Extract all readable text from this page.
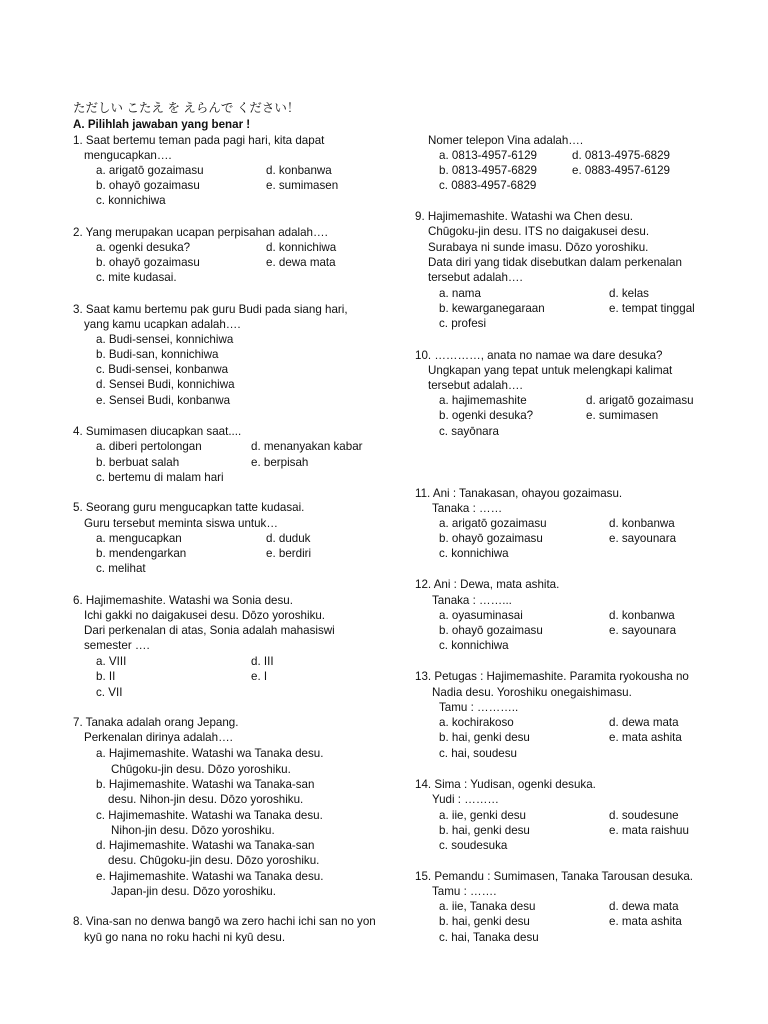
ただしい こたえ を えらんで ください！
A. Pilihlah jawaban yang benar !
1. Saat bertemu teman pada pagi hari, kita dapat
mengucapkan….
a. arigatō gozaimasu
b. ohayō gozaimasu
c. konnichiwa
d. konbanwa
e. sumimasen
2. Yang merupakan ucapan perpisahan adalah….
a. ogenki desuka?
b. ohayō gozaimasu
c. mite kudasai.
d. konnichiwa
e. dewa mata
3. Saat kamu bertemu pak guru Budi pada siang hari,
yang kamu ucapkan adalah….
a. Budi-sensei, konnichiwa
b. Budi-san, konnichiwa
c. Budi-sensei, konbanwa
d. Sensei Budi, konnichiwa
e. Sensei Budi, konbanwa
4. Sumimasen diucapkan saat....
a. diberi pertolongan
b. berbuat salah
c. bertemu di malam hari
d. menanyakan kabar
e. berpisah
5. Seorang guru mengucapkan tatte kudasai.
Guru tersebut meminta siswa untuk…
a. mengucapkan
b. mendengarkan
c. melihat
d. duduk
e. berdiri
6. Hajimemashite. Watashi wa Sonia desu.
Ichi gakki no daigakusei desu. Dōzo yoroshiku.
Dari perkenalan di atas, Sonia adalah mahasiswi
semester ….
a. VIII
b. II
c. VII
d. III
e. I
7. Tanaka adalah orang Jepang.
Perkenalan dirinya adalah….
a. Hajimemashite. Watashi wa Tanaka desu.
Chūgoku-jin desu. Dōzo yoroshiku.
b. Hajimemashite. Watashi wa Tanaka-san
desu. Nihon-jin desu. Dōzo yoroshiku.
c. Hajimemashite. Watashi wa Tanaka desu.
Nihon-jin desu. Dōzo yoroshiku.
d. Hajimemashite. Watashi wa Tanaka-san
desu. Chūgoku-jin desu. Dōzo yoroshiku.
e. Hajimemashite. Watashi wa Tanaka desu.
Japan-jin desu. Dōzo yoroshiku.
8. Vina-san no denwa bangō wa zero hachi ichi san no yon
kyū go nana no roku hachi ni kyū desu.
Nomer telepon Vina adalah….
a. 0813-4957-6129
b. 0813-4957-6829
c. 0883-4957-6829
d. 0813-4975-6829
e. 0883-4957-6129
9. Hajimemashite. Watashi wa Chen desu.
Chūgoku-jin desu. ITS no daigakusei desu.
Surabaya ni sunde imasu. Dōzo yoroshiku.
Data diri yang tidak disebutkan dalam perkenalan
tersebut adalah….
a. nama
b. kewarganegaraan
c. profesi
d. kelas
e. tempat tinggal
10. …………, anata no namae wa dare desuka?
Ungkapan yang tepat untuk melengkapi kalimat
tersebut adalah….
a. hajimemashite
b. ogenki desuka?
c. sayōnara
d. arigatō gozaimasu
e. sumimasen
11. Ani : Tanakasan, ohayou gozaimasu.
Tanaka : ……
a. arigatō gozaimasu
b. ohayō gozaimasu
c. konnichiwa
d. konbanwa
e. sayounara
12. Ani : Dewa, mata ashita.
Tanaka : ……...
a. oyasuminasai
b. ohayō gozaimasu
c. konnichiwa
d. konbanwa
e. sayounara
13. Petugas : Hajimemashite. Paramita ryokousha no
Nadia desu. Yoroshiku onegaishimasu.
Tamu : ………..
a. kochirakoso
b. hai, genki desu
c. hai, soudesu
d. dewa mata
e. mata ashita
14. Sima : Yudisan, ogenki desuka.
Yudi : ………
a. iie, genki desu
b. hai, genki desu
c. soudesuka
d. soudesune
e. mata raishuu
15. Pemandu : Sumimasen, Tanaka Tarousan desuka.
Tamu : …….
a. iie, Tanaka desu
b. hai, genki desu
c. hai, Tanaka desu
d. dewa mata
e. mata ashita
